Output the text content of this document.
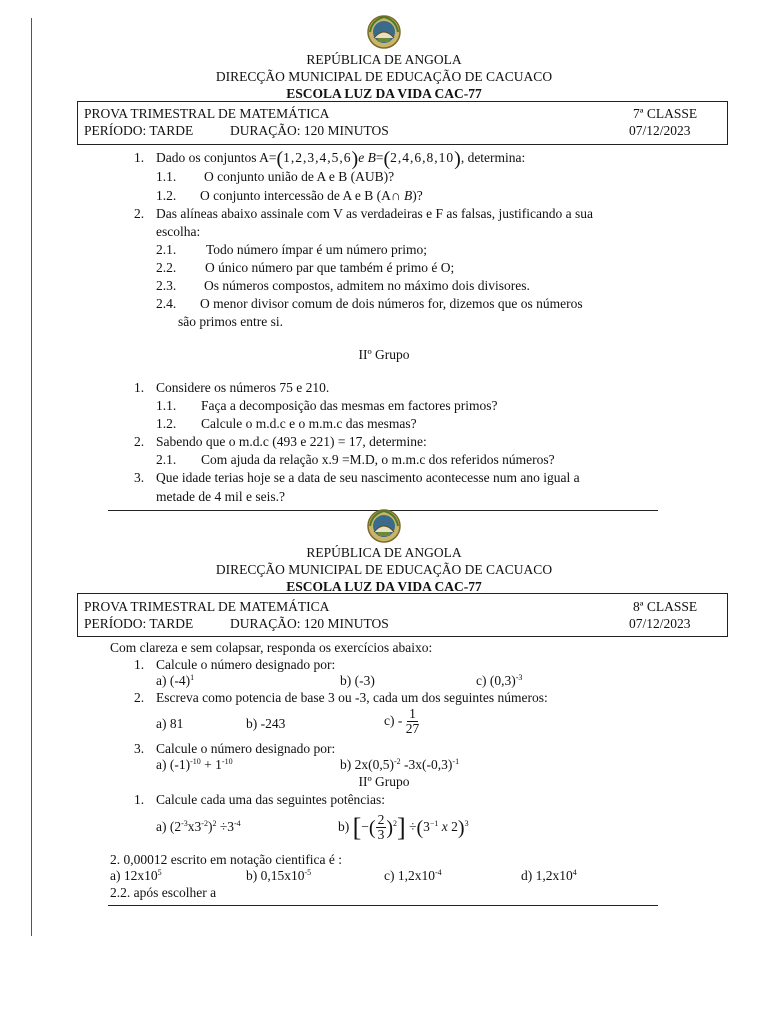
REPÚBLICA DE ANGOLA
DIRECÇÃO MUNICIPAL DE EDUCAÇÃO DE CACUACO
ESCOLA LUZ DA VIDA CAC-77
PROVA TRIMESTRAL DE MATEMÁTICA	7ª CLASSE
PERÍODO: TARDE	DURAÇÃO: 120 MINUTOS	07/12/2023
1. Dado os conjuntos A=(1,2,3,4,5,6)e B=(2,4,6,8,10), determina:
1.1. O conjunto união de A e B (AUB)?
1.2. O conjunto intercessão de A e B (A∩ B)?
2. Das alíneas abaixo assinale com V as verdadeiras e F as falsas, justificando a sua
escolha:
2.1. Todo número ímpar é um número primo;
2.2. O único número par que também é primo é O;
2.3. Os números compostos, admitem no máximo dois divisores.
2.4. O menor divisor comum de dois números for, dizemos que os números
são primos entre si.
IIº Grupo
1. Considere os números 75 e 210.
1.1. Faça a decomposição das mesmas em factores primos?
1.2. Calcule o m.d.c e o m.m.c das mesmas?
2. Sabendo que o m.d.c (493 e 221) = 17, determine:
2.1. Com ajuda da relação x.9 =M.D, o m.m.c dos referidos números?
3. Que idade terias hoje se a data de seu nascimento acontecesse num ano igual a
metade de 4 mil e seis.?
REPÚBLICA DE ANGOLA
DIRECÇÃO MUNICIPAL DE EDUCAÇÃO DE CACUACO
ESCOLA LUZ DA VIDA CAC-77
PROVA TRIMESTRAL DE MATEMÁTICA	8ª CLASSE
PERÍODO: TARDE	DURAÇÃO: 120 MINUTOS	07/12/2023
Com clareza e sem colapsar, responda os exercícios abaixo:
1. Calcule o número designado por:
a) $(-4)^1$	b) (-3)	c) $(0,3)^{-3}$
2. Escreva como potencia de base 3 ou -3, cada um dos seguintes números:
a) 81	b) -243	$c) - \frac{1}{27}$
3. Calcule o número designado por:
a) $(-1)^{-10} + 1^{-10}$	b) $2x(0,5)^{-2}$ $-3x(-0,3)^{-1}$
IIº Grupo
1. Calcule cada uma das seguintes potências:
a) $(2^{-3}x3^{-2})^2 \div 3^{-4}$	b) [−( $\frac{2}{3} )^2] \div(3^{-1}$ x 2)$^3$
2. 0,00012 escrito em notação cientifica é :
a) $12x10^5$	b) $0,15x10^{-5}$	c) $1,2x10^{-4}$	d) $1,2x10^4$
2.2. após escolher a
